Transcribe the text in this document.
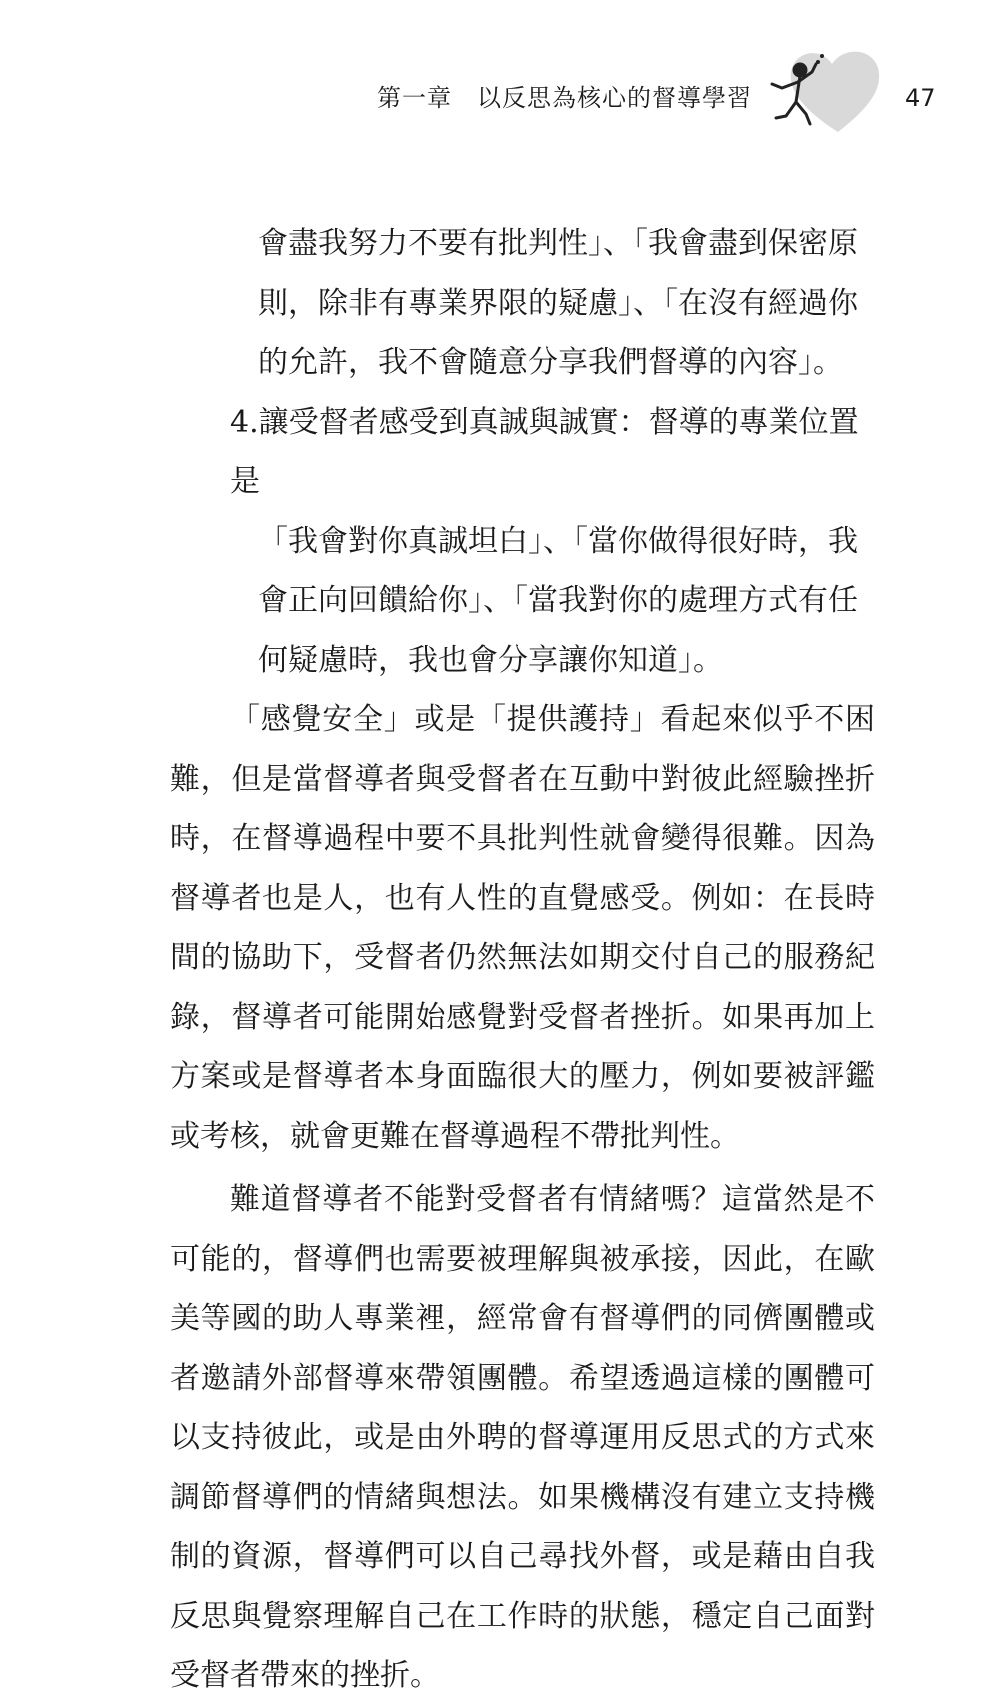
第一章　以反思為核心的督導學習	47

會盡我努力不要有批判性」、「我會盡到保密原則，除非有專業界限的疑慮」、「在沒有經過你的允許，我不會隨意分享我們督導的內容」。

4.讓受督者感受到真誠與誠實：督導的專業位置是

「我會對你真誠坦白」、「當你做得很好時，我會正向回饋給你」、「當我對你的處理方式有任何疑慮時，我也會分享讓你知道」。

「感覺安全」或是「提供護持」看起來似乎不困難，但是當督導者與受督者在互動中對彼此經驗挫折時，在督導過程中要不具批判性就會變得很難。因為督導者也是人，也有人性的直覺感受。例如：在長時間的協助下，受督者仍然無法如期交付自己的服務紀錄，督導者可能開始感覺對受督者挫折。如果再加上方案或是督導者本身面臨很大的壓力，例如要被評鑑或考核，就會更難在督導過程不帶批判性。

難道督導者不能對受督者有情緒嗎？這當然是不可能的，督導們也需要被理解與被承接，因此，在歐美等國的助人專業裡，經常會有督導們的同儕團體或者邀請外部督導來帶領團體。希望透過這樣的團體可以支持彼此，或是由外聘的督導運用反思式的方式來調節督導們的情緒與想法。如果機構沒有建立支持機制的資源，督導們可以自己尋找外督，或是藉由自我反思與覺察理解自己在工作時的狀態，穩定自己面對受督者帶來的挫折。
